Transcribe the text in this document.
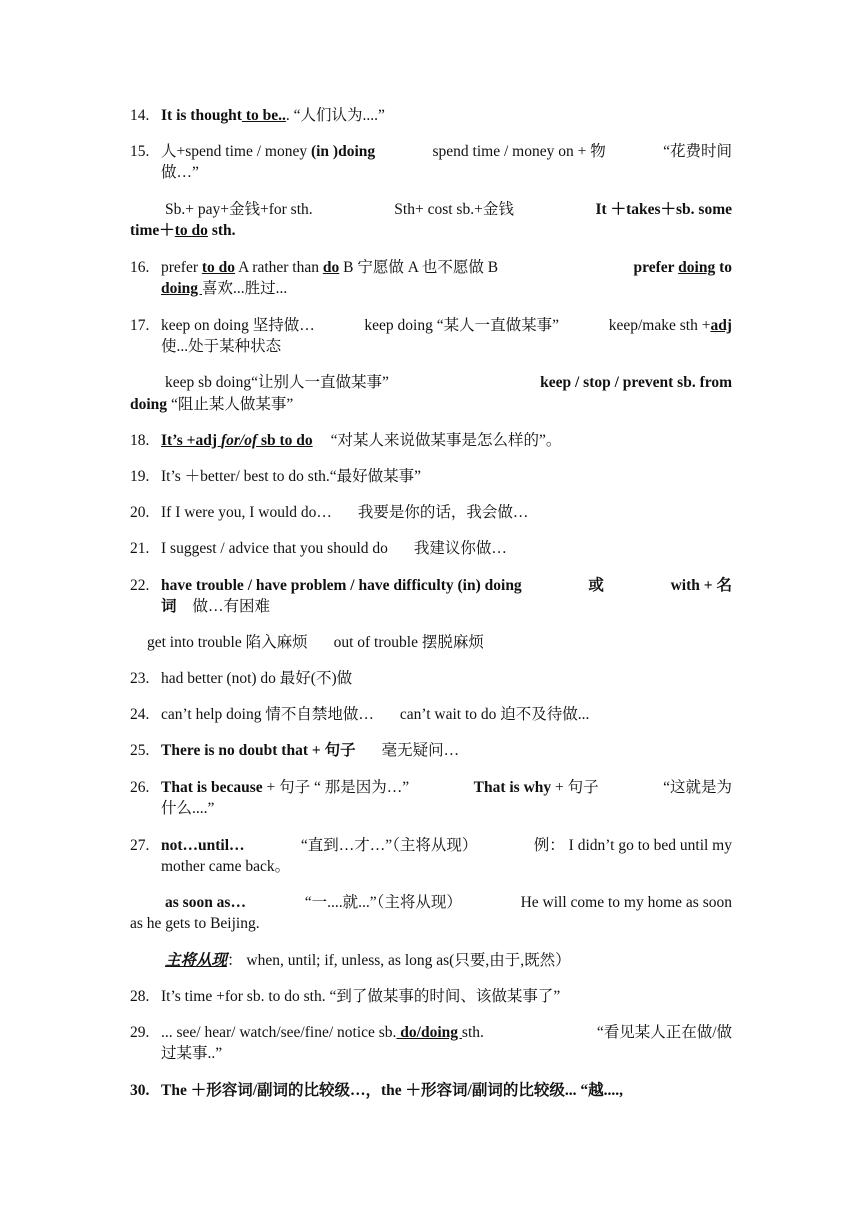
14. It is thought to be... “人们认为....”
15. 人+spend time / money (in )doing	spend time / money on + 物	“花费时间
做…”
Sb.+ pay+金钱+for sth.	Sth+ cost sb.+金钱	It ＋takes＋sb. some
time＋to do sth.
16. prefer to do A rather than do B 宁愿做 A 也不愿做 B	prefer doing to
doing 喜欢...胜过...
17. keep on doing 坚持做…	keep doing “某人一直做某事”	keep/make sth +adj
使...处于某种状态
keep sb doing“让别人一直做某事”	keep / stop / prevent sb. from
doing “阻止某人做某事”
18. It’s +adj for/of sb to do “对某人来说做某事是怎么样的”。
19. It’s ＋better/ best to do sth.“最好做某事”
20. If I were you, I would do… 我要是你的话，我会做…
21. I suggest / advice that you should do 我建议你做…
22. have trouble / have problem / have difficulty (in) doing	或	with + 名
词 做…有困难
get into trouble 陷入麻烦 out of trouble 摆脱麻烦
23. had better (not) do 最好(不)做
24. can’t help doing 情不自禁地做… can’t wait to do 迫不及待做...
25. There is no doubt that + 句子 毫无疑问…
26. That is because + 句子 “ 那是因为…”	That is why + 句子	“这就是为
什么....”
27. not…until…	“直到…才…”（主将从现）	例： I didn’t go to bed until my
mother came back。
as soon as…	“一....就...”（主将从现）	He will come to my home as soon
as he gets to Beijing.
主将从现： when, until; if, unless, as long as(只要,由于,既然）
28. It’s time +for sb. to do sth. “到了做某事的时间、该做某事了”
29. ... see/ hear/ watch/see/fine/ notice sb. do/doing sth.	“看见某人正在做/做
过某事..”
30. The ＋形容词/副词的比较级…，the ＋形容词/副词的比较级... “越....,
